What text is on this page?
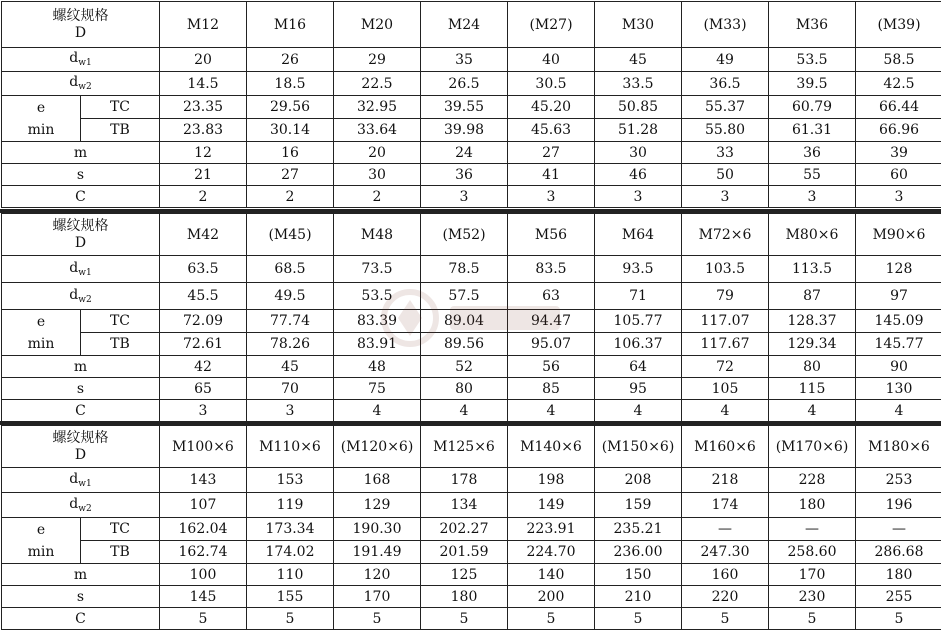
螺纹规格
D		M12	M16	M20	M24	(M27)	M30	(M33)	M36	(M39)
$d_{w1}$		20	26	29	35	40	45	49	53.5	58.5
$d_{w2}$		14.5	18.5	22.5	26.5	30.5	33.5	36.5	39.5	42.5
e
min	TC	23.35	29.56	32.95	39.55	45.20	50.85	55.37	60.79	66.44
	TB	23.83	30.14	33.64	39.98	45.63	51.28	55.80	61.31	66.96
m		12	16	20	24	27	30	33	36	39
s		21	27	30	36	41	46	50	55	60
C		2	2	2	3	3	3	3	3	3
螺纹规格
D		M42	(M45)	M48	(M52)	M56	M64	M72×6	M80×6	M90×6
$d_{w1}$		63.5	68.5	73.5	78.5	83.5	93.5	103.5	113.5	128
$d_{w2}$		45.5	49.5	53.5	57.5	63	71	79	87	97
e
min	TC	72.09	77.74	83.39	89.04	94.47	105.77	117.07	128.37	145.09
	TB	72.61	78.26	83.91	89.56	95.07	106.37	117.67	129.34	145.77
m		42	45	48	52	56	64	72	80	90
s		65	70	75	80	85	95	105	115	130
C		3	3	4	4	4	4	4	4	4
螺纹规格
D		M100×6	M110×6	(M120×6)	M125×6	M140×6	(M150×6)	M160×6	(M170×6)	M180×6
$d_{w1}$		143	153	168	178	198	208	218	228	253
$d_{w2}$		107	119	129	134	149	159	174	180	196
e
min	TC	162.04	173.34	190.30	202.27	223.91	235.21	—	—	—
	TB	162.74	174.02	191.49	201.59	224.70	236.00	247.30	258.60	286.68
m		100	110	120	125	140	150	160	170	180
s		145	155	170	180	200	210	220	230	255
C		5	5	5	5	5	5	5	5	5
